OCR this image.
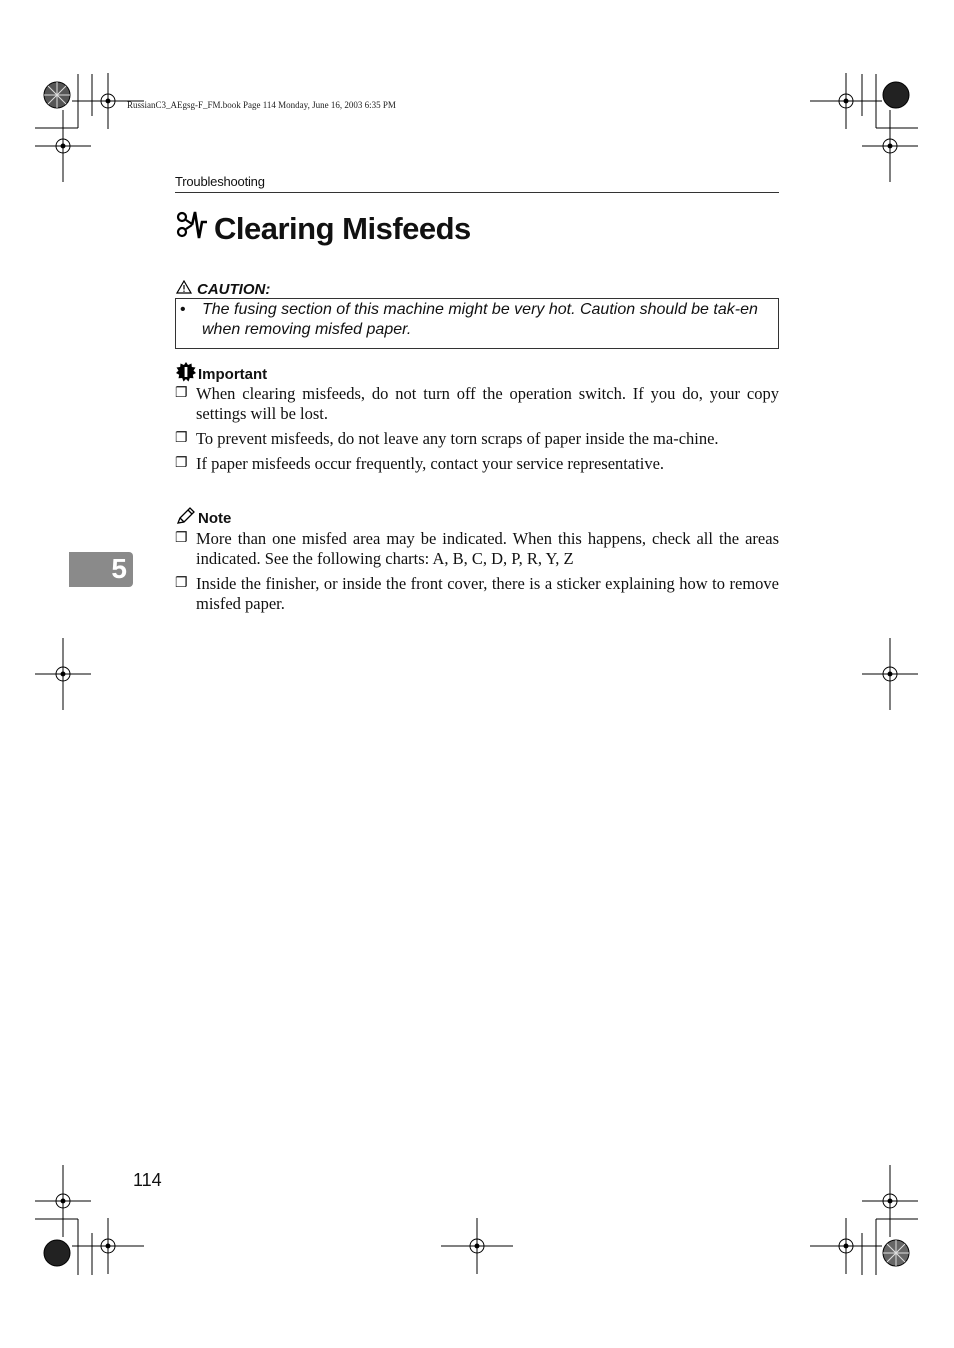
RussianC3_AEgsg-F_FM.book Page 114 Monday, June 16, 2003 6:35 PM
Troubleshooting
Clearing Misfeeds
CAUTION:
•	The fusing section of this machine might be very hot. Caution should be tak-en when removing misfed paper.
Important
❐ When clearing misfeeds, do not turn off the operation switch. If you do, your copy settings will be lost.
❐ To prevent misfeeds, do not leave any torn scraps of paper inside the ma-chine.
❐ If paper misfeeds occur frequently, contact your service representative.
Note
❐ More than one misfed area may be indicated. When this happens, check all the areas indicated. See the following charts: A, B, C, D, P, R, Y, Z
❐ Inside the finisher, or inside the front cover, there is a sticker explaining how to remove misfed paper.
5
114
